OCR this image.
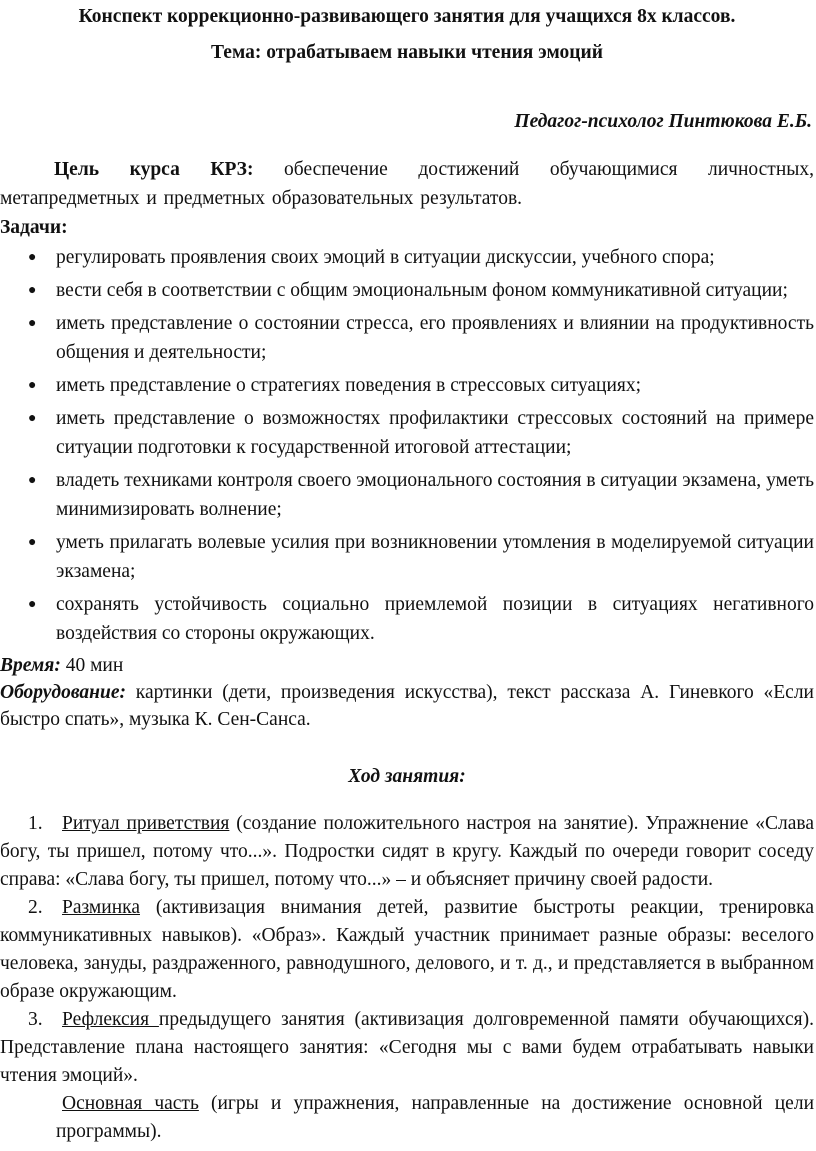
Конспект коррекционно-развивающего занятия для учащихся 8х классов.

Тема: отрабатываем навыки чтения эмоций

Педагог-психолог Пинтюкова Е.Б.

Цель курса КРЗ: обеспечение достижений обучающимися личностных, метапредметных и предметных образовательных результатов.

Задачи:

● регулировать проявления своих эмоций в ситуации дискуссии, учебного спора;
● вести себя в соответствии с общим эмоциональным фоном коммуникативной ситуации;
● иметь представление о состоянии стресса, его проявлениях и влиянии на продуктивность общения и деятельности;
● иметь представление о стратегиях поведения в стрессовых ситуациях;
● иметь представление о возможностях профилактики стрессовых состояний на примере ситуации подготовки к государственной итоговой аттестации;
● владеть техниками контроля своего эмоционального состояния в ситуации экзамена, уметь минимизировать волнение;
● уметь прилагать волевые усилия при возникновении утомления в моделируемой ситуации экзамена;
● сохранять устойчивость социально приемлемой позиции в ситуациях негативного воздействия со стороны окружающих.

Время: 40 мин

Оборудование: картинки (дети, произведения искусства), текст рассказа А. Гиневкого «Если быстро спать», музыка К. Сен-Санса.

Ход занятия:

1. Ритуал приветствия (создание положительного настроя на занятие). Упражнение «Слава богу, ты пришел, потому что...». Подростки сидят в кругу. Каждый по очереди говорит соседу справа: «Слава богу, ты пришел, потому что...» – и объясняет причину своей радости.

2. Разминка (активизация внимания детей, развитие быстроты реакции, тренировка коммуникативных навыков). «Образ». Каждый участник принимает разные образы: веселого человека, зануды, раздраженного, равнодушного, делового, и т. д., и представляется в выбранном образе окружающим.

3. Рефлексия предыдущего занятия (активизация долговременной памяти обучающихся). Представление плана настоящего занятия: «Сегодня мы с вами будем отрабатывать навыки чтения эмоций».

Основная часть (игры и упражнения, направленные на достижение основной цели программы).
